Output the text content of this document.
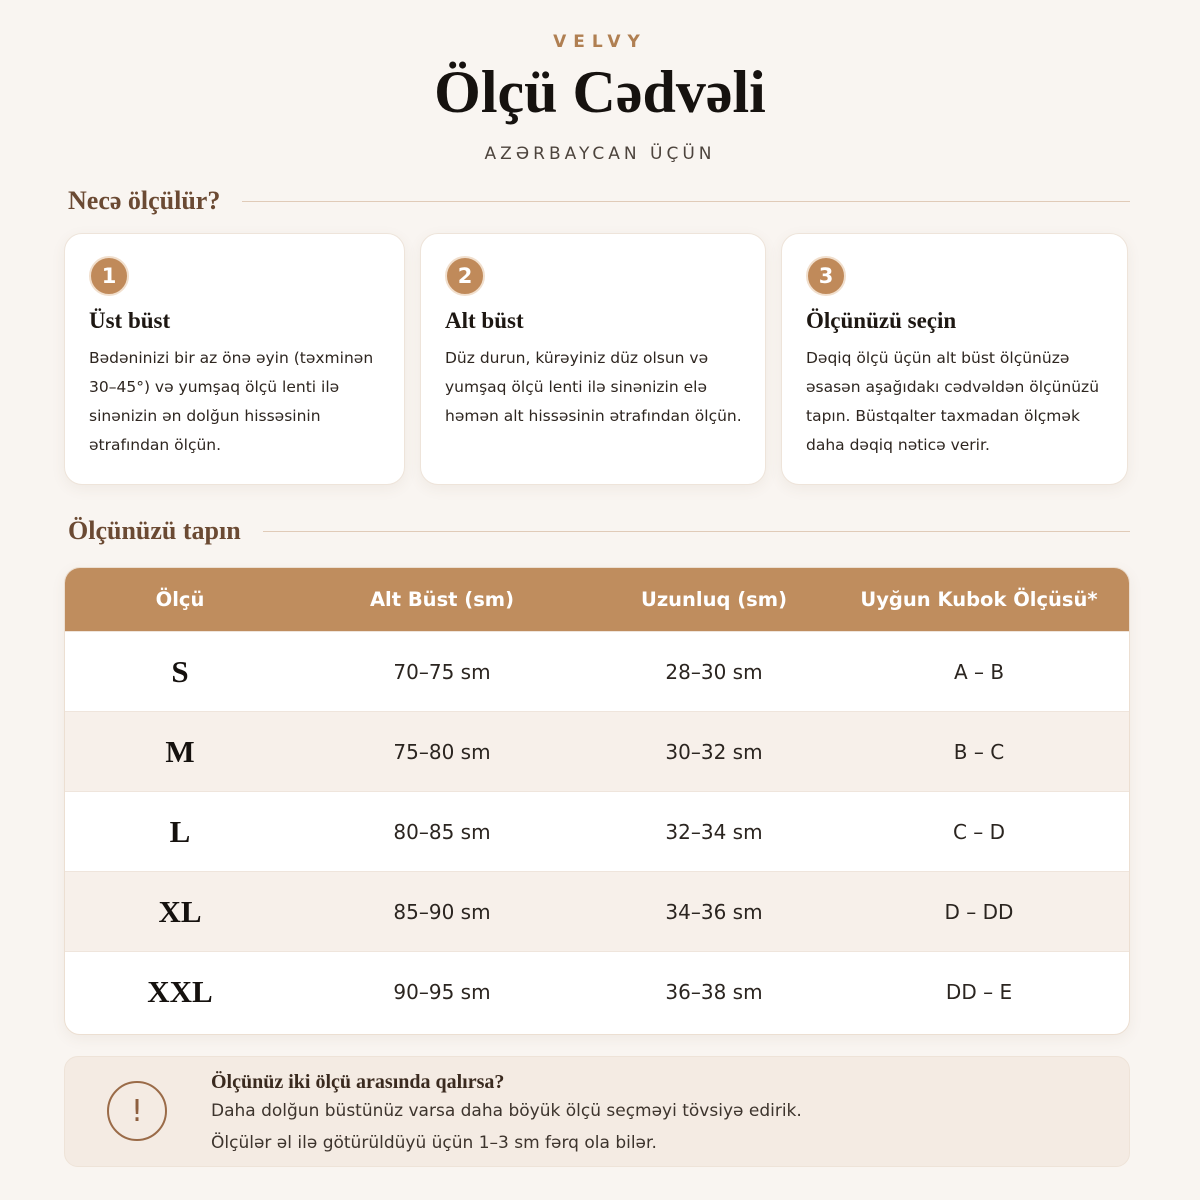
VELVY
Ölçü Cədvəli
AZƏRBAYCAN ÜÇÜN
Necə ölçülür?
1
Üst büst
Bədəninizi bir az önə əyin (təxminən 30–45°) və yumşaq ölçü lenti ilə sinənizin ən dolğun hissəsinin ətrafından ölçün.
2
Alt büst
Düz durun, kürəyiniz düz olsun və yumşaq ölçü lenti ilə sinənizin elə həmən alt hissəsinin ətrafından ölçün.
3
Ölçünüzü seçin
Dəqiq ölçü üçün alt büst ölçünüzə əsasən aşağıdakı cədvəldən ölçünüzü tapın. Büstqalter taxmadan ölçmək daha dəqiq nəticə verir.
Ölçünüzü tapın
Ölçü	Alt Büst (sm)	Uzunluq (sm)	Uyğun Kubok Ölçüsü*
S	70–75 sm	28–30 sm	A – B
M	75–80 sm	30–32 sm	B – C
L	80–85 sm	32–34 sm	C – D
XL	85–90 sm	34–36 sm	D – DD
XXL	90–95 sm	36–38 sm	DD – E
!
Ölçünüz iki ölçü arasında qalırsa?
Daha dolğun büstünüz varsa daha böyük ölçü seçməyi tövsiyə edirik.
Ölçülər əl ilə götürüldüyü üçün 1–3 sm fərq ola bilər.
